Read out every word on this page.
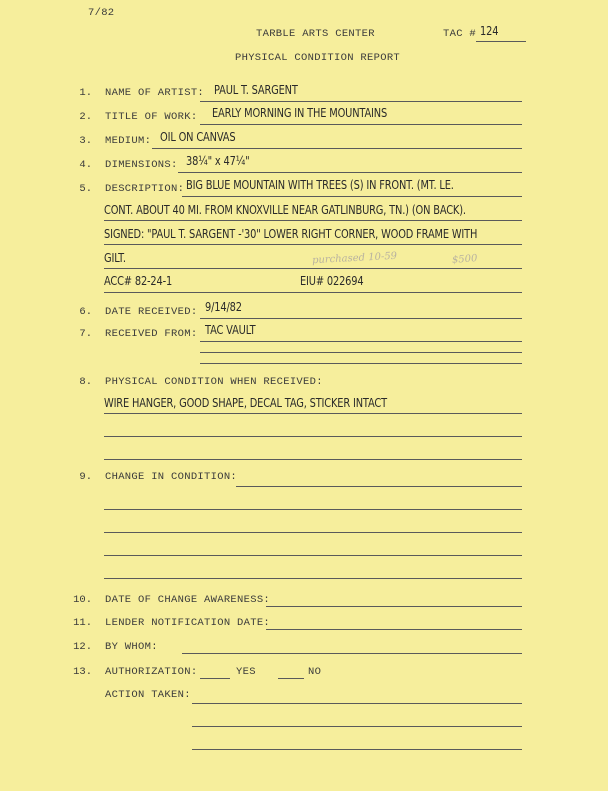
7/82
TARBLE ARTS CENTER
PHYSICAL CONDITION REPORT
TAC # 124
1. NAME OF ARTIST: PAUL T. SARGENT
2. TITLE OF WORK: EARLY MORNING IN THE MOUNTAINS
3. MEDIUM: OIL ON CANVAS
4. DIMENSIONS: 38¼" x 47¼"
5. DESCRIPTION: BIG BLUE MOUNTAIN WITH TREES (S) IN FRONT. (MT. LE.
CONT. ABOUT 40 MI. FROM KNOXVILLE NEAR GATLINBURG, TN.) (ON BACK).
SIGNED: "PAUL T. SARGENT -'30" LOWER RIGHT CORNER, WOOD FRAME WITH
GILT.	purchased 10-59	$500
ACC# 82-24-1	EIU# 022694
6. DATE RECEIVED: 9/14/82
7. RECEIVED FROM: TAC VAULT
8. PHYSICAL CONDITION WHEN RECEIVED:
WIRE HANGER, GOOD SHAPE, DECAL TAG, STICKER INTACT
9. CHANGE IN CONDITION:
10. DATE OF CHANGE AWARENESS:
11. LENDER NOTIFICATION DATE:
12. BY WHOM:
13. AUTHORIZATION:	YES	NO
ACTION TAKEN:
